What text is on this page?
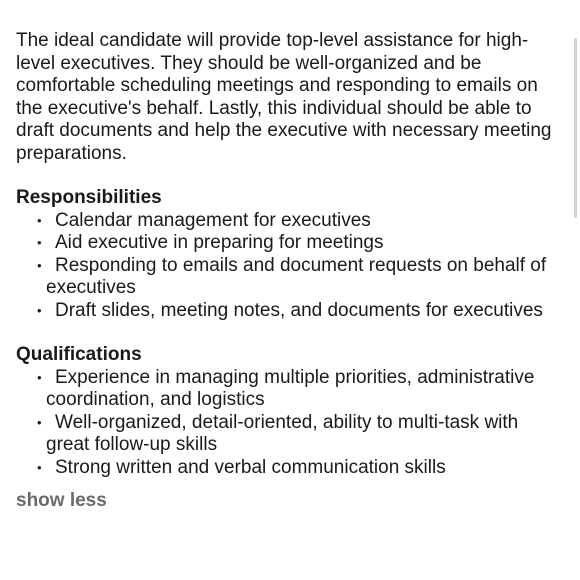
The ideal candidate will provide top-level assistance for high-level executives. They should be well-organized and be comfortable scheduling meetings and responding to emails on the executive's behalf. Lastly, this individual should be able to draft documents and help the executive with necessary meeting preparations.

Responsibilities
• Calendar management for executives
• Aid executive in preparing for meetings
• Responding to emails and document requests on behalf of executives
• Draft slides, meeting notes, and documents for executives
Qualifications
• Experience in managing multiple priorities, administrative coordination, and logistics
• Well-organized, detail-oriented, ability to multi-task with great follow-up skills
• Strong written and verbal communication skills
show less
